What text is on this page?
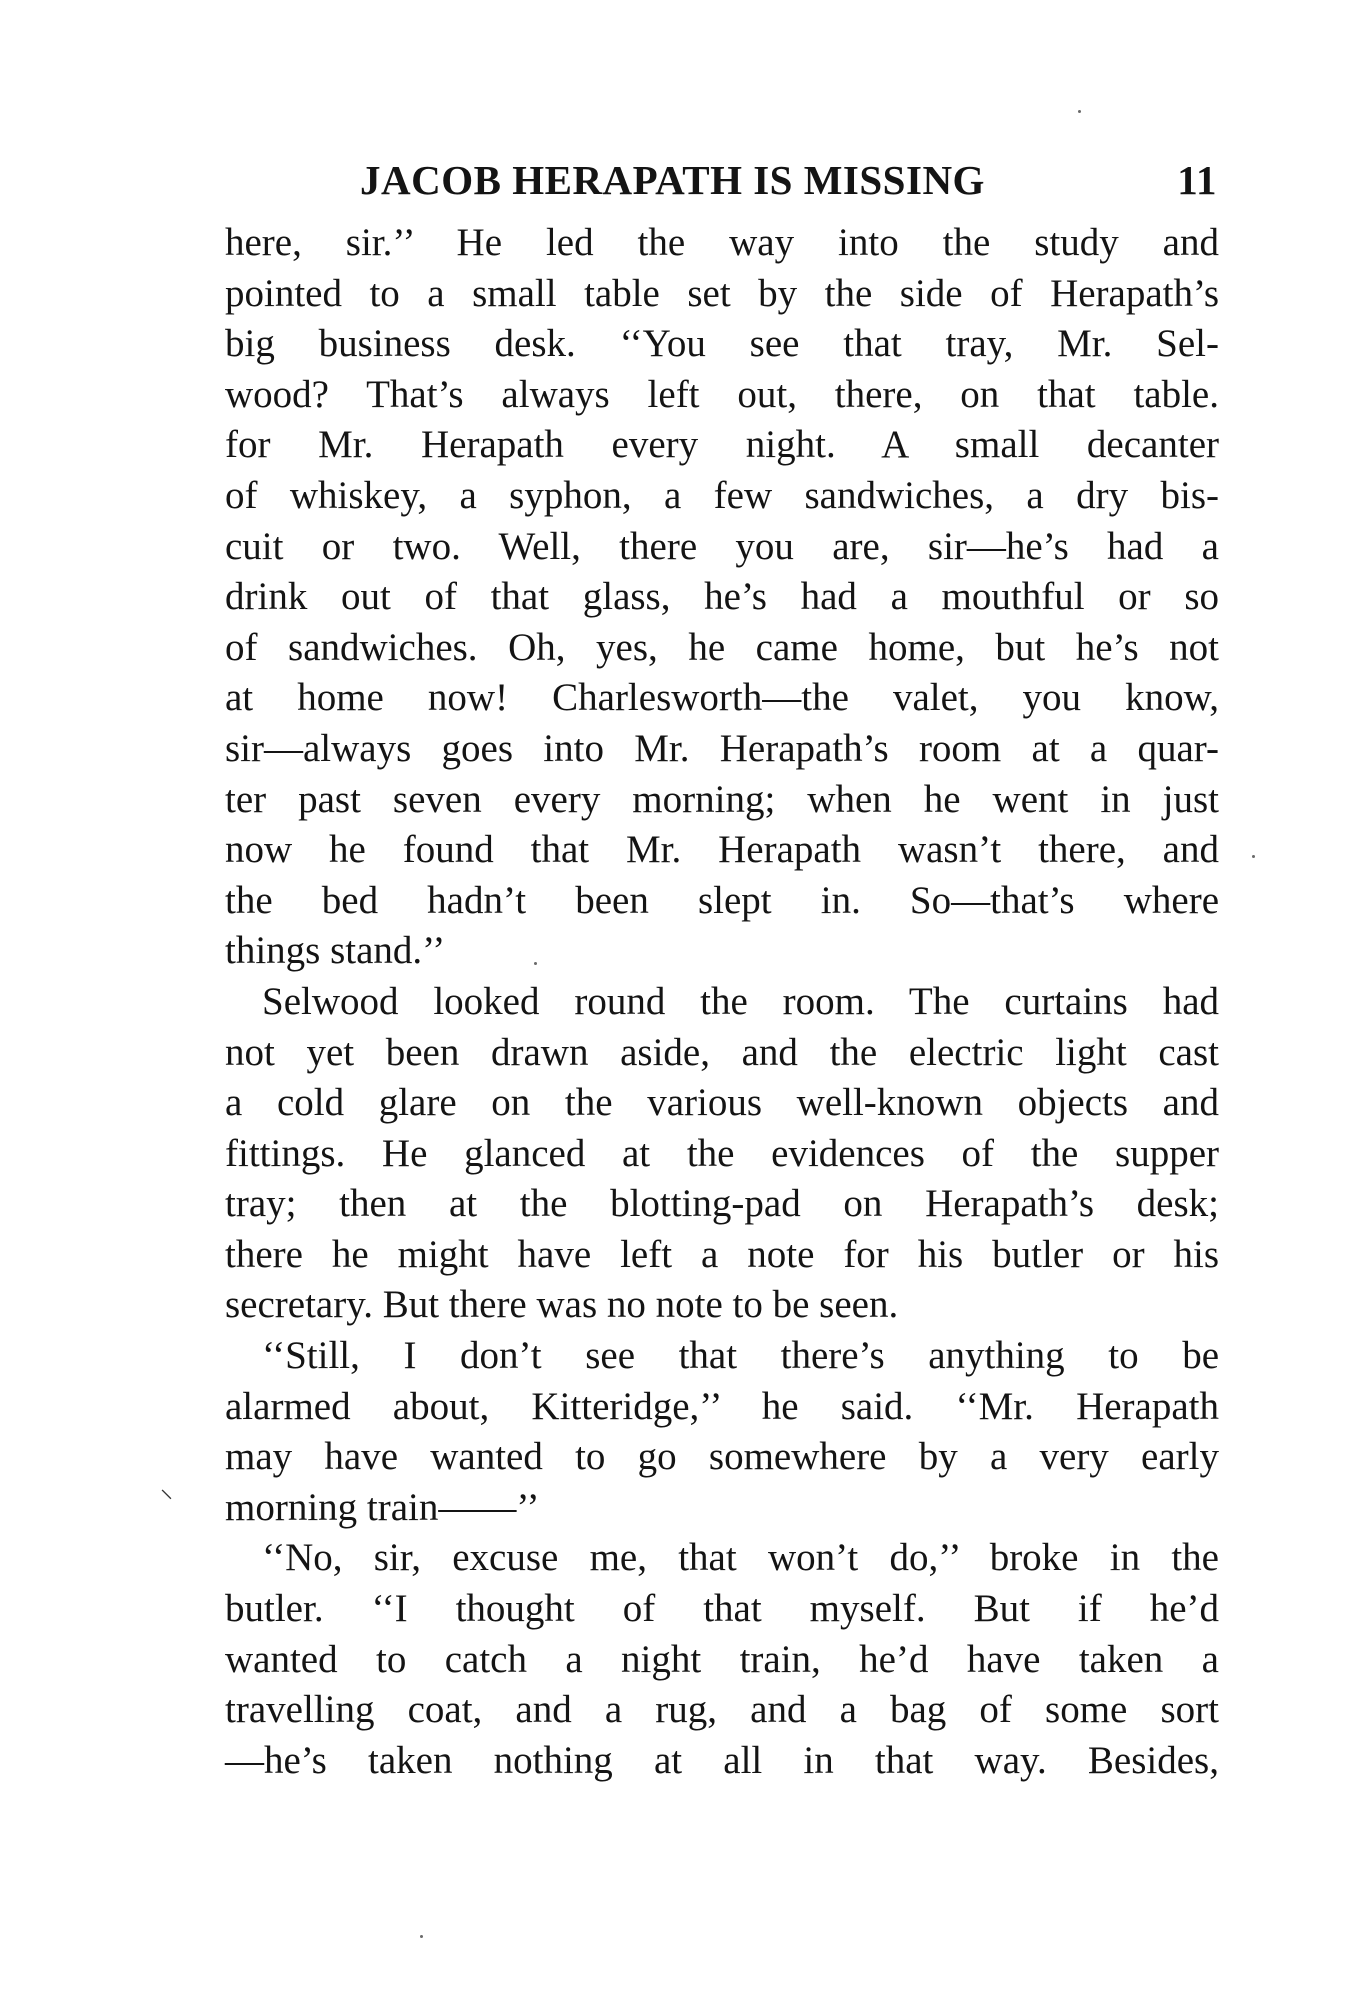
JACOB HERAPATH IS MISSING	11
here, sir.’’ He led the way into the study and
pointed to a small table set by the side of Herapath’s
big business desk. ‘‘You see that tray, Mr. Sel-
wood? That’s always left out, there, on that table.
for Mr. Herapath every night. A small decanter
of whiskey, a syphon, a few sandwiches, a dry bis-
cuit or two. Well, there you are, sir—he’s had a
drink out of that glass, he’s had a mouthful or so
of sandwiches. Oh, yes, he came home, but he’s not
at home now! Charlesworth—the valet, you know,
sir—always goes into Mr. Herapath’s room at a quar-
ter past seven every morning; when he went in just
now he found that Mr. Herapath wasn’t there, and
the bed hadn’t been slept in. So—that’s where
things stand.’’
Selwood looked round the room. The curtains had
not yet been drawn aside, and the electric light cast
a cold glare on the various well-known objects and
fittings. He glanced at the evidences of the supper
tray; then at the blotting-pad on Herapath’s desk;
there he might have left a note for his butler or his
secretary. But there was no note to be seen.
‘‘Still, I don’t see that there’s anything to be
alarmed about, Kitteridge,’’ he said. ‘‘Mr. Herapath
may have wanted to go somewhere by a very early
morning train——’’
‘‘No, sir, excuse me, that won’t do,’’ broke in the
butler. ‘‘I thought of that myself. But if he’d
wanted to catch a night train, he’d have taken a
travelling coat, and a rug, and a bag of some sort
—he’s taken nothing at all in that way. Besides,
⸌
